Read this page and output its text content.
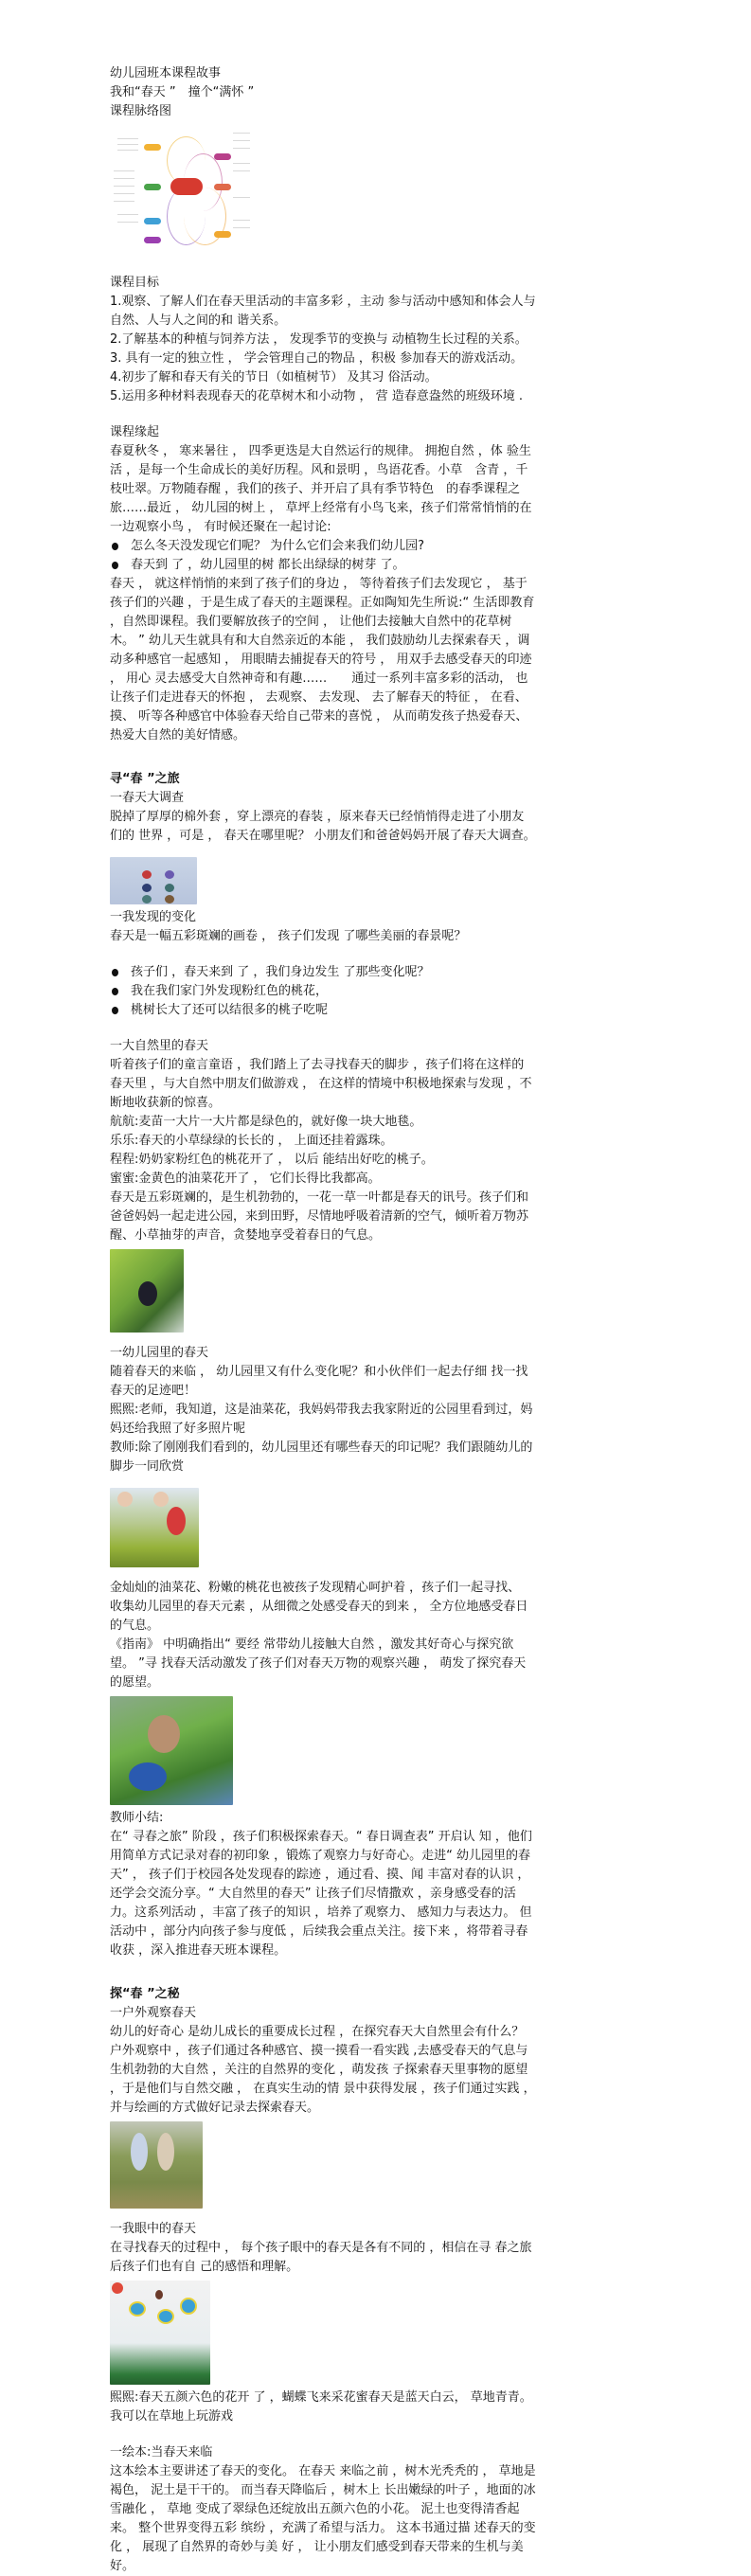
幼儿园班本课程故事

我和“春天 ”　撞个“满怀 ”

课程脉络图

课程目标

1.观察、了解人们在春天里活动的丰富多彩 ，主动 参与活动中感知和体会人与自然、人与人之间的和 谐关系。

2.了解基本的种植与饲养方法 ， 发现季节的变换与 动植物生长过程的关系。

3. 具有一定的独立性 ， 学会管理自己的物品 ，积极 参加春天的游戏活动。

4.初步了解和春天有关的节日（如植树节） 及其习 俗活动。

5.运用多种材料表现春天的花草树木和小动物 ， 营 造春意盎然的班级环境 .

课程缘起

春夏秋冬 ， 寒来暑往 ， 四季更迭是大自然运行的规律。 拥抱自然 ，体 验生活 ，是每一个生命成长的美好历程。风和景明 ，鸟语花香。小草　含青 ，千枝吐翠。万物随春醒 ，我们的孩子、并开启了具有季节特色　的春季课程之旅……最近 ， 幼儿园的树上 ， 草坪上经常有小鸟飞来，孩子们常常悄悄的在一边观察小鸟 ， 有时候还聚在一起讨论:

怎么冬天没发现它们呢？ 为什么它们会来我们幼儿园?
春天到 了 ，幼儿园里的树 都长出绿绿的树芽 了。

春天 ， 就这样悄悄的来到了孩子们的身边 ， 等待着孩子们去发现它 ， 基于孩子们的兴趣 ，于是生成了春天的主题课程。正如陶知先生所说:“ 生活即教育 ，自然即课程。我们要解放孩子的空间 ， 让他们去接触大自然中的花草树木。 ” 幼儿天生就具有和大自然亲近的本能 ， 我们鼓励幼儿去探索春天 ，调动多种感官一起感知 ， 用眼睛去捕捉春天的符号 ， 用双手去感受春天的印迹 ， 用心 灵去感受大自然神奇和有趣……　　通过一系列丰富多彩的活动， 也让孩子们走进春天的怀抱 ， 去观察、 去发现、 去了解春天的特征 ， 在看、 摸、 听等各种感官中体验春天给自己带来的喜悦 ， 从而萌发孩子热爱春天、 热爱大自然的美好情感。

寻“春 ”之旅

一春天大调查

脱掉了厚厚的棉外套 ，穿上漂亮的春装 ，原来春天已经悄悄得走进了小朋友们的 世界 ，可是 ， 春天在哪里呢？ 小朋友们和爸爸妈妈开展了春天大调查。

一我发现的变化

春天是一幅五彩斑斓的画卷 ， 孩子们发现 了哪些美丽的春景呢？

孩子们 ，春天来到 了 ，我们身边发生 了那些变化呢？
我在我们家门外发现粉红色的桃花，
桃树长大了还可以结很多的桃子吃呢

一大自然里的春天

听着孩子们的童言童语 ，我们踏上了去寻找春天的脚步 ，孩子们将在这样的春天里 ，与大自然中朋友们做游戏 ， 在这样的情境中积极地探索与发现 ，不断地收获新的惊喜。

航航:麦苗一大片一大片都是绿色的，就好像一块大地毯。

乐乐:春天的小草绿绿的长长的 ， 上面还挂着露珠。

程程:奶奶家粉红色的桃花开了 ， 以后 能结出好吃的桃子。

蜜蜜:金黄色的油菜花开了 ， 它们长得比我都高。

春天是五彩斑斓的，是生机勃勃的，一花一草一叶都是春天的讯号。孩子们和爸爸妈妈一起走进公园，来到田野，尽情地呼吸着清新的空气，倾听着万物苏醒、小草抽芽的声音，贪婪地享受着春日的气息。

一幼儿园里的春天

随着春天的来临 ， 幼儿园里又有什么变化呢？和小伙伴们一起去仔细 找一找春天的足迹吧！

熙熙:老师，我知道，这是油菜花，我妈妈带我去我家附近的公园里看到过，妈妈还给我照了好多照片呢

教师:除了刚刚我们看到的，幼儿园里还有哪些春天的印记呢？我们跟随幼儿的脚步一同欣赏

金灿灿的油菜花、粉嫩的桃花也被孩子发现精心呵护着 ，孩子们一起寻找、 收集幼儿园里的春天元素 ，从细微之处感受春天的到来 ， 全方位地感受春日的气息。

《指南》 中明确指出“ 要经 常带幼儿接触大自然 ，激发其好奇心与探究欲望。 ”寻 找春天活动激发了孩子们对春天万物的观察兴趣 ， 萌发了探究春天的愿望。

教师小结:

在“ 寻春之旅” 阶段 ，孩子们积极探索春天。“ 春日调查表” 开启认 知 ，他们用简单方式记录对春的初印象 ，锻炼了观察力与好奇心。走进“ 幼儿园里的春天” ， 孩子们于校园各处发现春的踪迹 ，通过看、摸、闻 丰富对春的认识 ，还学会交流分享。“ 大自然里的春天” 让孩子们尽情撒欢 ，亲身感受春的活力。这系列活动 ，丰富了孩子的知识 ，培养了观察力、 感知力与表达力。 但活动中 ，部分内向孩子参与度低 ，后续我会重点关注。接下来 ，将带着寻春收获 ，深入推进春天班本课程。

探“春 ”之秘

一户外观察春天

幼儿的好奇心 是幼儿成长的重要成长过程 ，在探究春天大自然里会有什么？ 户外观察中 ，孩子们通过各种感官、摸一摸看一看实践 ,去感受春天的气息与生机勃勃的大自然 ，关注的自然界的变化 ，萌发孩 子探索春天里事物的愿望 ，于是他们与自然交融 ， 在真实生动的情 景中获得发展 ，孩子们通过实践 ，并与绘画的方式做好记录去探索春天。

一我眼中的春天

在寻找春天的过程中 ， 每个孩子眼中的春天是各有不同的 ，相信在寻 春之旅后孩子们也有自 己的感悟和理解。

熙熙:春天五颜六色的花开 了 ，蝴蝶飞来采花蜜春天是蓝天白云， 草地青青。 我可以在草地上玩游戏

一绘本:当春天来临

这本绘本主要讲述了春天的变化。 在春天 来临之前 ，树木光秃秃的 ， 草地是褐色， 泥土是干干的。 而当春天降临后 ，树木上 长出嫩绿的叶子 ，地面的冰雪融化 ， 草地 变成了翠绿色还绽放出五颜六色的小花。 泥土也变得清香起来。 整个世界变得五彩 缤纷 ，充满了希望与活力。 这本书通过描 述春天的变化 ， 展现了自然界的奇妙与美 好 ， 让小朋友们感受到春天带来的生机与美好。
